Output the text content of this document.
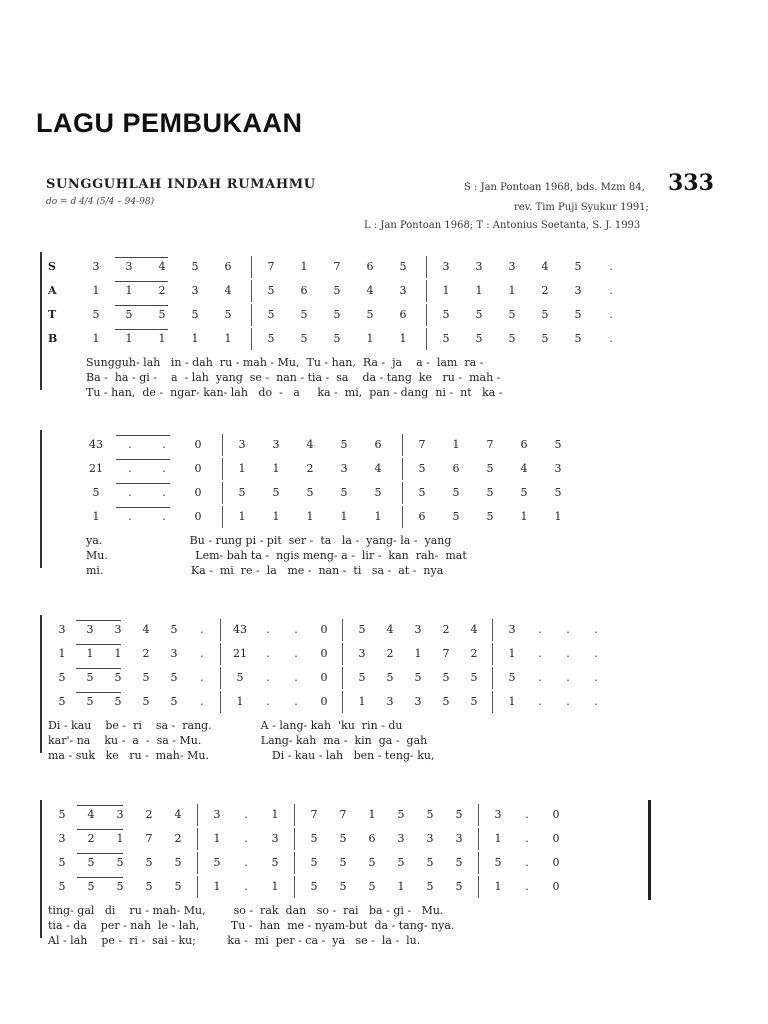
LAGU PEMBUKAAN
SUNGGUHLAH INDAH RUMAHMU
do = d 4/4 (5/4 – 94-98)
S : Jan Pontoan 1968, bds. Mzm 84,
rev. Tim Puji Syukur 1991;
L : Jan Pontoan 1968; T : Antonius Soetanta, S. J. 1993
333
S	3	3	4	5	6	7	1	7	6	5	3	3	3	4	5	.
A	1	1	2	3	4	5	6	5	4	3	1	1	1	2	3	.
T	5	5	5	5	5	5	5	5	5	6	5	5	5	5	5	.
B	1	1	1	1	1	5	5	5	1	1	5	5	5	5	5	.
Sungguh- lah   in - dah  ru - mah - Mu,  Tu - han,  Ra -  ja    a -  lam  ra -
Ba -  ha - gi -    a  - lah  yang  se -  nan - tia -  sa    da - tang  ke   ru -  mah -
Tu - han,  de -  ngar- kan- lah   do  -   a     ka -  mi,  pan - dang  ni -  nt   ka -
43	.	.	0	3	3	4	5	6	7	1	7	6	5
21	.	.	0	1	1	2	3	4	5	6	5	4	3
5	.	.	0	5	5	5	5	5	5	5	5	5	5
1	.	.	0	1	1	1	1	1	6	5	5	1	1
ya.                         Bu - rung pi - pit  ser -  ta   la -  yang- la -  yang
Mu.                         Lem- bah ta -  ngis meng- a -  lir -  kan  rah-  mat
mi.                         Ka -  mi  re -  la   me -  nan -  ti   sa -  at -  nya
3	3	3	4	5	.	43	.	.	0	5	4	3	2	4	3	.	.	.
1	1	1	2	3	.	21	.	.	0	3	2	1	7	2	1	.	.	.
5	5	5	5	5	.	5	.	.	0	5	5	5	5	5	5	.	.	.
5	5	5	5	5	.	1	.	.	0	1	3	3	5	5	1	.	.	.
Di - kau    be -  ri    sa -  rang.              A - lang- kah  'ku  rin - du
kar'- na    ku -  a  -  sa - Mu.                 Lang- kah  ma -  kin  ga -  gah
ma - suk   ke   ru -  mah- Mu.                  Di - kau - lah   ben - teng- ku,
5	4	3	2	4	3	.	1	7	7	1	5	5	5	3	.	0
3	2	1	7	2	1	.	3	5	5	6	3	3	3	1	.	0
5	5	5	5	5	5	.	5	5	5	5	5	5	5	5	.	0
5	5	5	5	5	1	.	1	5	5	5	1	5	5	1	.	0
ting- gal   di    ru - mah- Mu,        so -  rak  dan   so -  rai   ba - gi -   Mu.
tia - da    per - nah  le - lah,         Tu -  han  me - nyam-but  da - tang- nya.
Al - lah    pe -  ri -  sai - ku;         ka -  mi  per - ca -  ya   se -  la -  lu.
